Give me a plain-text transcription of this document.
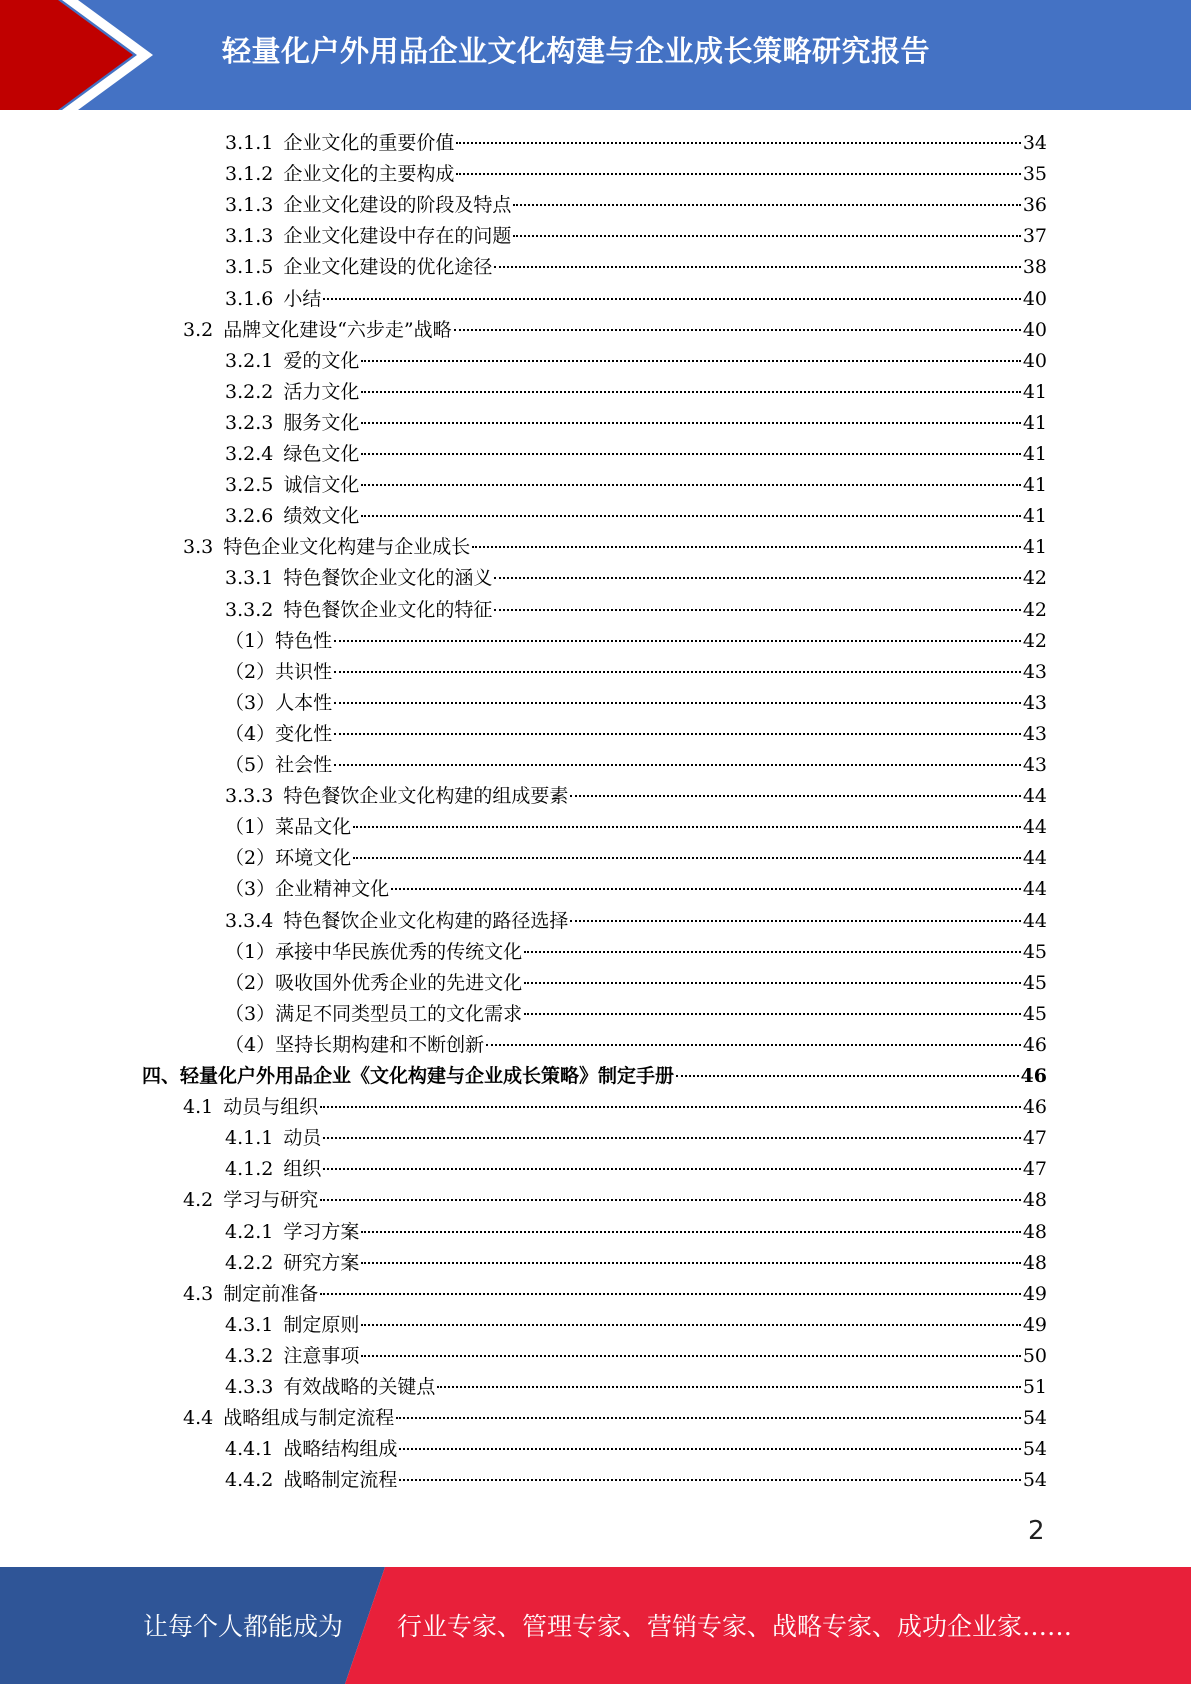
轻量化户外用品企业文化构建与企业成长策略研究报告
3.1.1 企业文化的重要价值	34
3.1.2 企业文化的主要构成	35
3.1.3 企业文化建设的阶段及特点	36
3.1.3 企业文化建设中存在的问题	37
3.1.5 企业文化建设的优化途径	38
3.1.6 小结	40
3.2 品牌文化建设“六步走”战略	40
3.2.1 爱的文化	40
3.2.2 活力文化	41
3.2.3 服务文化	41
3.2.4 绿色文化	41
3.2.5 诚信文化	41
3.2.6 绩效文化	41
3.3 特色企业文化构建与企业成长	41
3.3.1 特色餐饮企业文化的涵义	42
3.3.2 特色餐饮企业文化的特征	42
（1） 特色性	42
（2） 共识性	43
（3） 人本性	43
（4） 变化性	43
（5） 社会性	43
3.3.3 特色餐饮企业文化构建的组成要素	44
（1） 菜品文化	44
（2） 环境文化	44
（3） 企业精神文化	44
3.3.4 特色餐饮企业文化构建的路径选择	44
（1） 承接中华民族优秀的传统文化	45
（2） 吸收国外优秀企业的先进文化	45
（3） 满足不同类型员工的文化需求	45
（4） 坚持长期构建和不断创新	46
四、 轻量化户外用品企业《文化构建与企业成长策略》制定手册	46
4.1 动员与组织	46
4.1.1 动员	47
4.1.2 组织	47
4.2 学习与研究	48
4.2.1 学习方案	48
4.2.2 研究方案	48
4.3 制定前准备	49
4.3.1 制定原则	49
4.3.2 注意事项	50
4.3.3 有效战略的关键点	51
4.4 战略组成与制定流程	54
4.4.1 战略结构组成	54
4.4.2 战略制定流程	54
2
让每个人都能成为 行业专家、管理专家、营销专家、战略专家、成功企业家……
